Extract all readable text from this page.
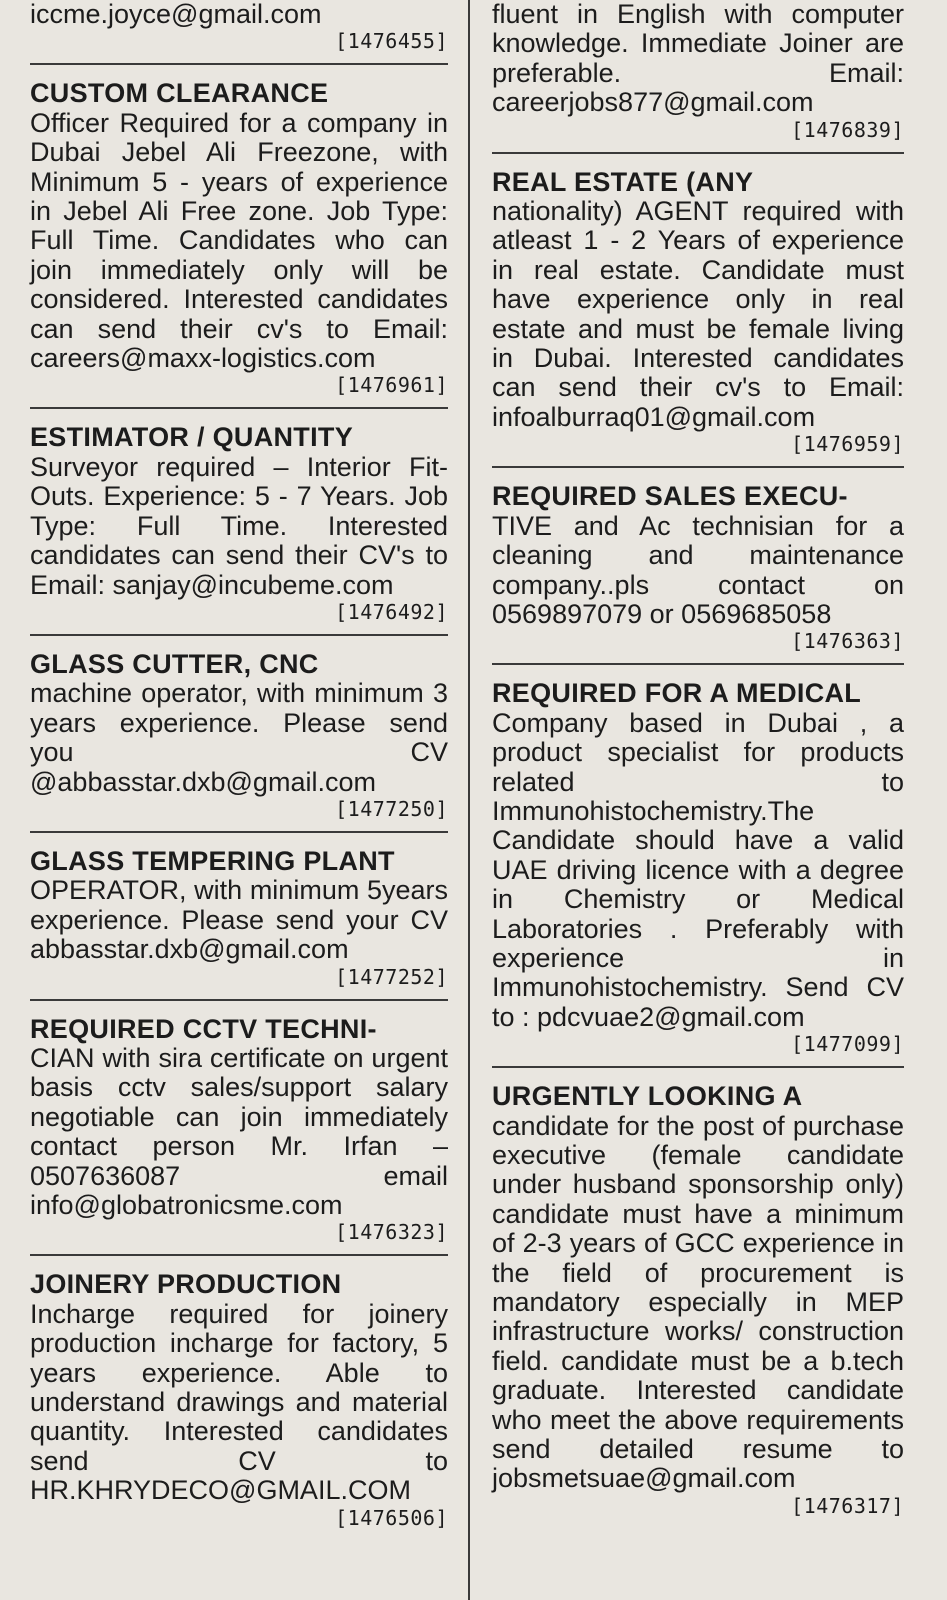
iccme.joyce@gmail.com

[1476455]

CUSTOM CLEARANCE

Officer Required for a company in Dubai Jebel Ali Freezone, with Minimum 5 - years of experience in Jebel Ali Free zone. Job Type: Full Time. Candidates who can join immediately only will be considered. Interested candidates can send their cv's to Email: careers@maxx-logistics.com

[1476961]

ESTIMATOR / QUANTITY

Surveyor required – Interior Fit-Outs. Experience: 5 - 7 Years. Job Type: Full Time. Interested candidates can send their CV's to Email: sanjay@incubeme.com

[1476492]

GLASS CUTTER, CNC

machine operator, with minimum 3 years experience. Please send you CV @abbasstar.dxb@gmail.com

[1477250]

GLASS TEMPERING PLANT

OPERATOR, with minimum 5years experience. Please send your CV abbasstar.dxb@gmail.com

[1477252]

REQUIRED CCTV TECHNI-

CIAN with sira certificate on urgent basis cctv sales/support salary negotiable can join immediately contact person Mr. Irfan – 0507636087 email info@globatronicsme.com

[1476323]

JOINERY PRODUCTION

Incharge required for joinery production incharge for factory, 5 years experience. Able to understand drawings and material quantity. Interested candidates send CV to HR.KHRYDECO@GMAIL.COM

[1476506]

fluent in English with computer knowledge. Immediate Joiner are preferable. Email: careerjobs877@gmail.com

[1476839]

REAL ESTATE (ANY

nationality) AGENT required with atleast 1 - 2 Years of experience in real estate. Candidate must have experience only in real estate and must be female living in Dubai. Interested candidates can send their cv's to Email: infoalburraq01@gmail.com

[1476959]

REQUIRED SALES EXECU-

TIVE and Ac technisian for a cleaning and maintenance company..pls contact on 0569897079 or 0569685058

[1476363]

REQUIRED FOR A MEDICAL

Company based in Dubai , a product specialist for products related to Immunohistochemistry.The Candidate should have a valid UAE driving licence with a degree in Chemistry or Medical Laboratories . Preferably with experience in Immunohistochemistry. Send CV to : pdcvuae2@gmail.com

[1477099]

URGENTLY LOOKING A

candidate for the post of purchase executive (female candidate under husband sponsorship only) candidate must have a minimum of 2-3 years of GCC experience in the field of procurement is mandatory especially in MEP infrastructure works/ construction field. candidate must be a b.tech graduate. Interested candidate who meet the above requirements send detailed resume to jobsmetsuae@gmail.com

[1476317]
